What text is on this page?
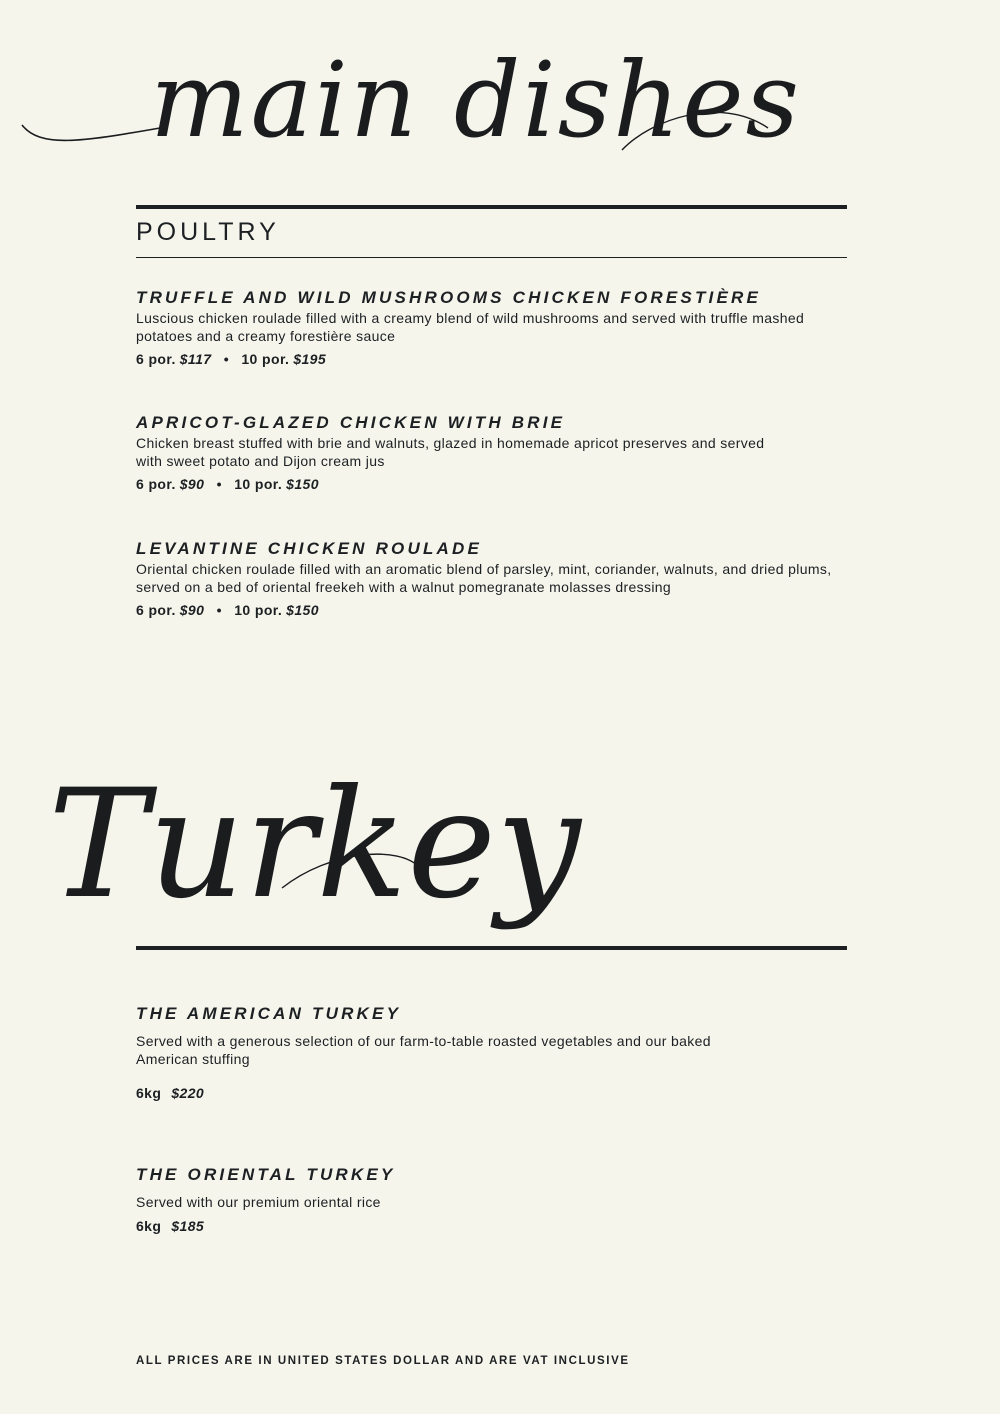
main dishes
POULTRY
TRUFFLE AND WILD MUSHROOMS CHICKEN FORESTIÈRE

Luscious chicken roulade filled with a creamy blend of wild mushrooms and served with truffle mashed
potatoes and a creamy forestière sauce

6 por. $117 • 10 por. $195
APRICOT-GLAZED CHICKEN WITH BRIE

Chicken breast stuffed with brie and walnuts, glazed in homemade apricot preserves and served
with sweet potato and Dijon cream jus

6 por. $90 • 10 por. $150
LEVANTINE CHICKEN ROULADE

Oriental chicken roulade filled with an aromatic blend of parsley, mint, coriander, walnuts, and dried plums,
served on a bed of oriental freekeh with a walnut pomegranate molasses dressing

6 por. $90 • 10 por. $150
Turkey
THE AMERICAN TURKEY

Served with a generous selection of our farm-to-table roasted vegetables and our baked
American stuffing

6kg $220
THE ORIENTAL TURKEY

Served with our premium oriental rice

6kg $185

ALL PRICES ARE IN UNITED STATES DOLLAR AND ARE VAT INCLUSIVE
